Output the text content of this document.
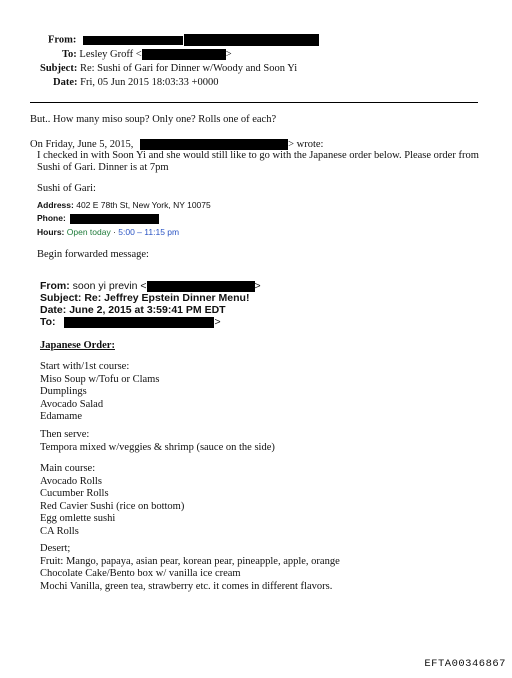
From:
To: Lesley Groff <	>
Subject: Re: Sushi of Gari for Dinner w/Woody and Soon Yi
Date: Fri, 05 Jun 2015 18:03:33 +0000
But.. How many miso soup? Only one? Rolls one of each?
On Friday, June 5, 2015,	> wrote:
I checked in with Soon Yi and she would still like to go with the Japanese order below. Please order from
Sushi of Gari. Dinner is at 7pm
Sushi of Gari:
Address: 402 E 78th St, New York, NY 10075
Phone:
Hours: Open today · 5:00 – 11:15 pm
Begin forwarded message:
From: soon yi previn <	>
Subject: Re: Jeffrey Epstein Dinner Menu!
Date: June 2, 2015 at 3:59:41 PM EDT
To:	>
Japanese Order:
Start with/1st course:
Miso Soup w/Tofu or Clams
Dumplings
Avocado Salad
Edamame
Then serve:
Tempora mixed w/veggies & shrimp (sauce on the side)
Main course:
Avocado Rolls
Cucumber Rolls
Red Cavier Sushi (rice on bottom)
Egg omlette sushi
CA Rolls
Desert;
Fruit: Mango, papaya, asian pear, korean pear, pineapple, apple, orange
Chocolate Cake/Bento box w/ vanilla ice cream
Mochi Vanilla, green tea, strawberry etc. it comes in different flavors.
EFTA00346867
